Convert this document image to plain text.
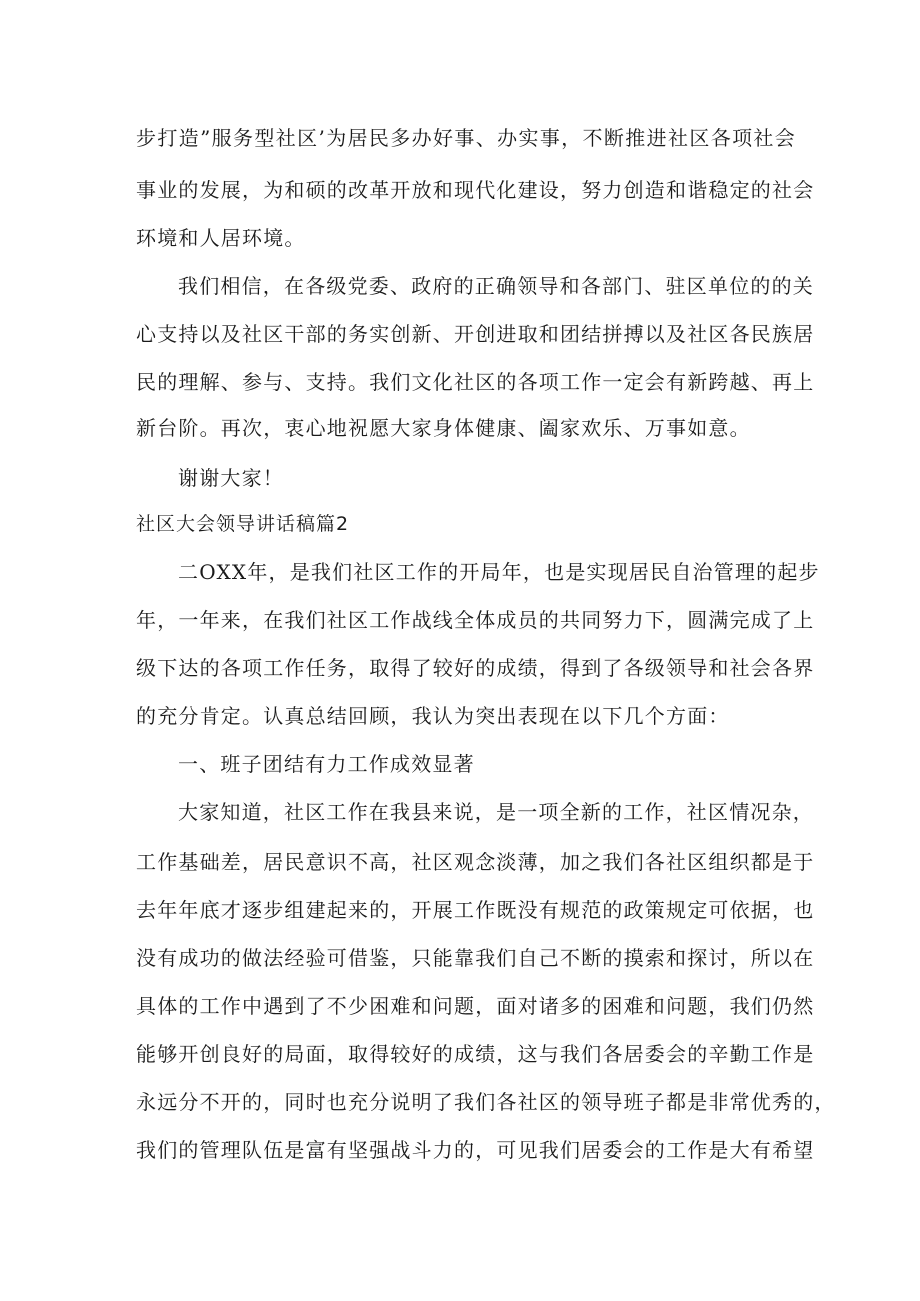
步打造”服务型社区’为居民多办好事、办实事，不断推进社区各项社会
事业的发展，为和硕的改革开放和现代化建设，努力创造和谐稳定的社会
环境和人居环境。
我们相信，在各级党委、政府的正确领导和各部门、驻区单位的的关
心支持以及社区干部的务实创新、开创进取和团结拼搏以及社区各民族居
民的理解、参与、支持。我们文化社区的各项工作一定会有新跨越、再上
新台阶。再次，衷心地祝愿大家身体健康、阖家欢乐、万事如意。
谢谢大家！
社区大会领导讲话稿篇2
二OXX年，是我们社区工作的开局年，也是实现居民自治管理的起步
年，一年来，在我们社区工作战线全体成员的共同努力下，圆满完成了上
级下达的各项工作任务，取得了较好的成绩，得到了各级领导和社会各界
的充分肯定。认真总结回顾，我认为突出表现在以下几个方面：
一、班子团结有力工作成效显著
大家知道，社区工作在我县来说，是一项全新的工作，社区情况杂，
工作基础差，居民意识不高，社区观念淡薄，加之我们各社区组织都是于
去年年底才逐步组建起来的，开展工作既没有规范的政策规定可依据，也
没有成功的做法经验可借鉴，只能靠我们自己不断的摸索和探讨，所以在
具体的工作中遇到了不少困难和问题，面对诸多的困难和问题，我们仍然
能够开创良好的局面，取得较好的成绩，这与我们各居委会的辛勤工作是
永远分不开的，同时也充分说明了我们各社区的领导班子都是非常优秀的，
我们的管理队伍是富有坚强战斗力的，可见我们居委会的工作是大有希望
